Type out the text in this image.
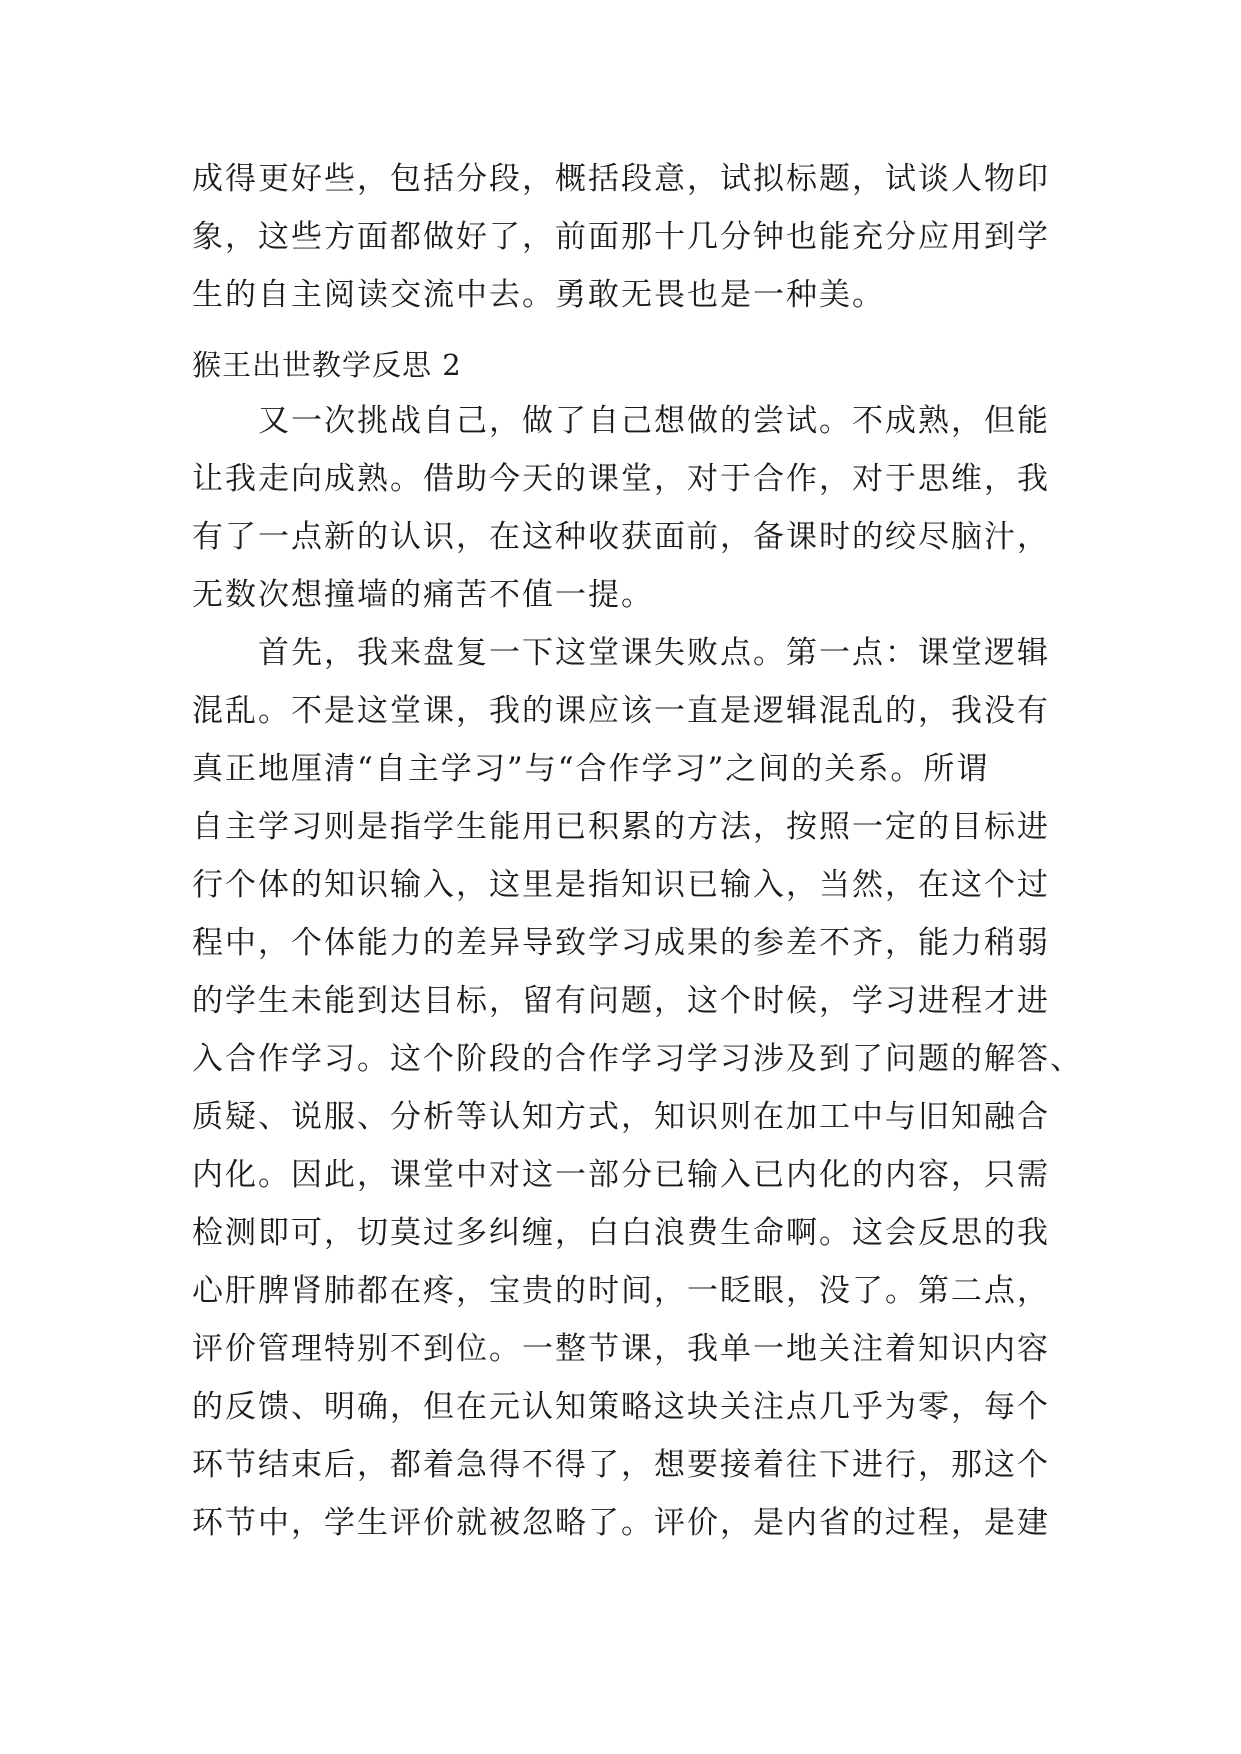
成得更好些，包括分段，概括段意，试拟标题，试谈人物印
象，这些方面都做好了，前面那十几分钟也能充分应用到学
生的自主阅读交流中去。勇敢无畏也是一种美。
猴王出世教学反思 2
　　又一次挑战自己，做了自己想做的尝试。不成熟，但能
让我走向成熟。借助今天的课堂，对于合作，对于思维，我
有了一点新的认识，在这种收获面前，备课时的绞尽脑汁，
无数次想撞墙的痛苦不值一提。
　　首先，我来盘复一下这堂课失败点。第一点：课堂逻辑
混乱。不是这堂课，我的课应该一直是逻辑混乱的，我没有
真正地厘清“自主学习”与“合作学习”之间的关系。所谓
自主学习则是指学生能用已积累的方法，按照一定的目标进
行个体的知识输入，这里是指知识已输入，当然，在这个过
程中，个体能力的差异导致学习成果的参差不齐，能力稍弱
的学生未能到达目标，留有问题，这个时候，学习进程才进
入合作学习。这个阶段的合作学习学习涉及到了问题的解答、
质疑、说服、分析等认知方式，知识则在加工中与旧知融合
内化。因此，课堂中对这一部分已输入已内化的内容，只需
检测即可，切莫过多纠缠，白白浪费生命啊。这会反思的我
心肝脾肾肺都在疼，宝贵的时间，一眨眼，没了。第二点，
评价管理特别不到位。一整节课，我单一地关注着知识内容
的反馈、明确，但在元认知策略这块关注点几乎为零，每个
环节结束后，都着急得不得了，想要接着往下进行，那这个
环节中，学生评价就被忽略了。评价，是内省的过程，是建
